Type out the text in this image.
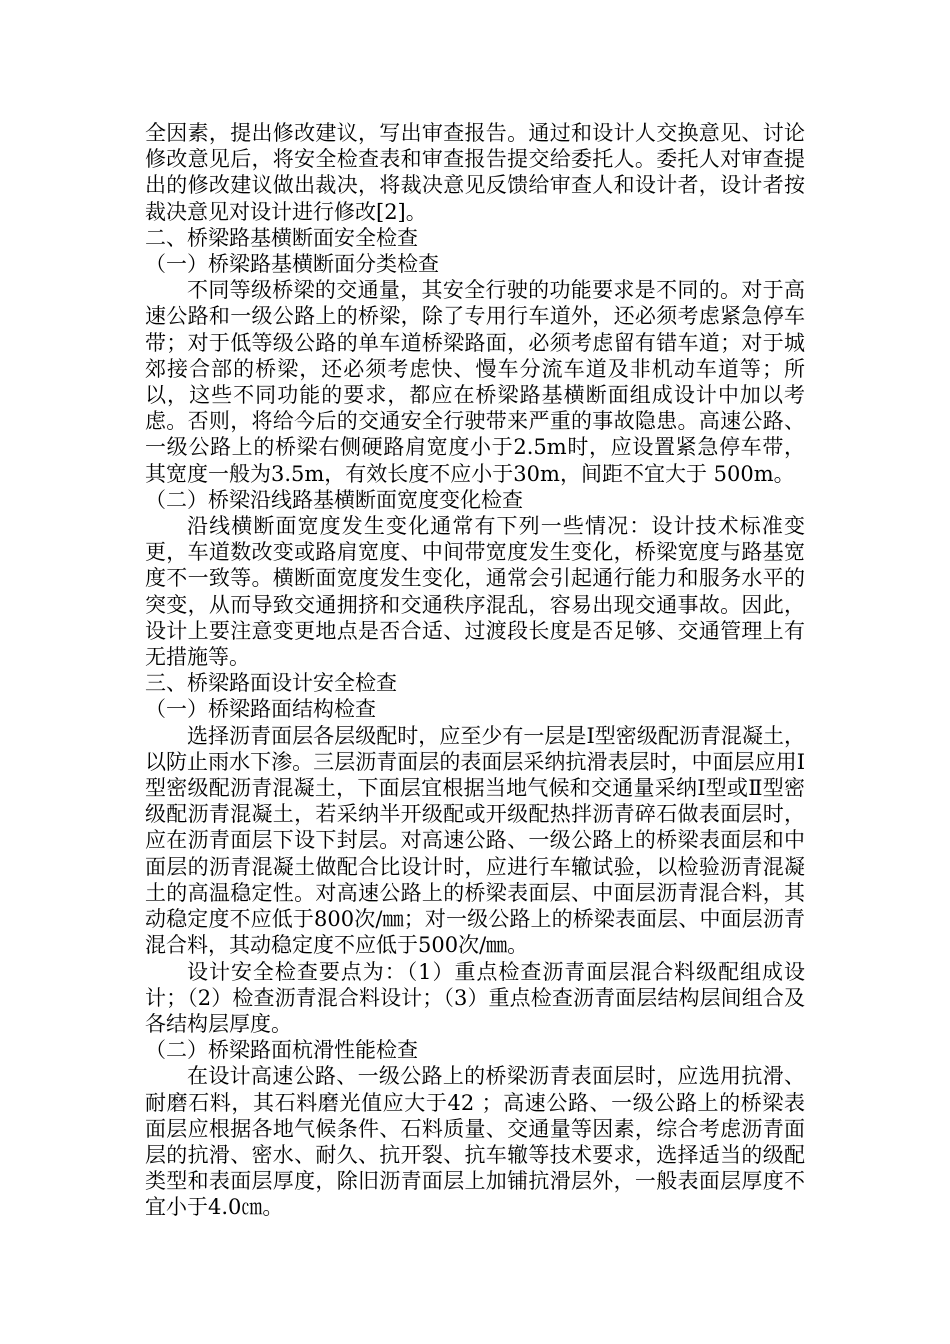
全因素，提出修改建议，写出审查报告。通过和设计人交换意见、讨论修改意见后，将安全检查表和审查报告提交给委托人。委托人对审查提出的修改建议做出裁决，将裁决意见反馈给审查人和设计者，设计者按裁决意见对设计进行修改[2]。

二、桥梁路基横断面安全检查

（一）桥梁路基横断面分类检查

不同等级桥梁的交通量，其安全行驶的功能要求是不同的。对于高速公路和一级公路上的桥梁，除了专用行车道外，还必须考虑紧急停车带；对于低等级公路的单车道桥梁路面，必须考虑留有错车道；对于城郊接合部的桥梁，还必须考虑快、慢车分流车道及非机动车道等；所以，这些不同功能的要求，都应在桥梁路基横断面组成设计中加以考虑。否则，将给今后的交通安全行驶带来严重的事故隐患。高速公路、一级公路上的桥梁右侧硬路肩宽度小于2.5m时，应设置紧急停车带，其宽度一般为3.5m，有效长度不应小于30m，间距不宜大于 500m。

（二）桥梁沿线路基横断面宽度变化检查

沿线横断面宽度发生变化通常有下列一些情况：设计技术标准变更，车道数改变或路肩宽度、中间带宽度发生变化，桥梁宽度与路基宽度不一致等。横断面宽度发生变化，通常会引起通行能力和服务水平的突变，从而导致交通拥挤和交通秩序混乱，容易出现交通事故。因此，设计上要注意变更地点是否合适、过渡段长度是否足够、交通管理上有无措施等。

三、桥梁路面设计安全检查

（一）桥梁路面结构检查

选择沥青面层各层级配时，应至少有一层是Ⅰ型密级配沥青混凝土，以防止雨水下渗。三层沥青面层的表面层采纳抗滑表层时，中面层应用Ⅰ型密级配沥青混凝土，下面层宜根据当地气候和交通量采纳Ⅰ型或Ⅱ型密级配沥青混凝土，若采纳半开级配或开级配热拌沥青碎石做表面层时，应在沥青面层下设下封层。对高速公路、一级公路上的桥梁表面层和中面层的沥青混凝土做配合比设计时，应进行车辙试验，以检验沥青混凝土的高温稳定性。对高速公路上的桥梁表面层、中面层沥青混合料，其动稳定度不应低于800次/㎜；对一级公路上的桥梁表面层、中面层沥青混合料，其动稳定度不应低于500次/㎜。

设计安全检查要点为：（1）重点检查沥青面层混合料级配组成设计；（2）检查沥青混合料设计；（3）重点检查沥青面层结构层间组合及各结构层厚度。

（二）桥梁路面杭滑性能检查

在设计高速公路、一级公路上的桥梁沥青表面层时，应选用抗滑、耐磨石料，其石料磨光值应大于42 ；高速公路、一级公路上的桥梁表面层应根据各地气候条件、石料质量、交通量等因素，综合考虑沥青面层的抗滑、密水、耐久、抗开裂、抗车辙等技术要求，选择适当的级配类型和表面层厚度，除旧沥青面层上加铺抗滑层外，一般表面层厚度不宜小于4.0㎝。
